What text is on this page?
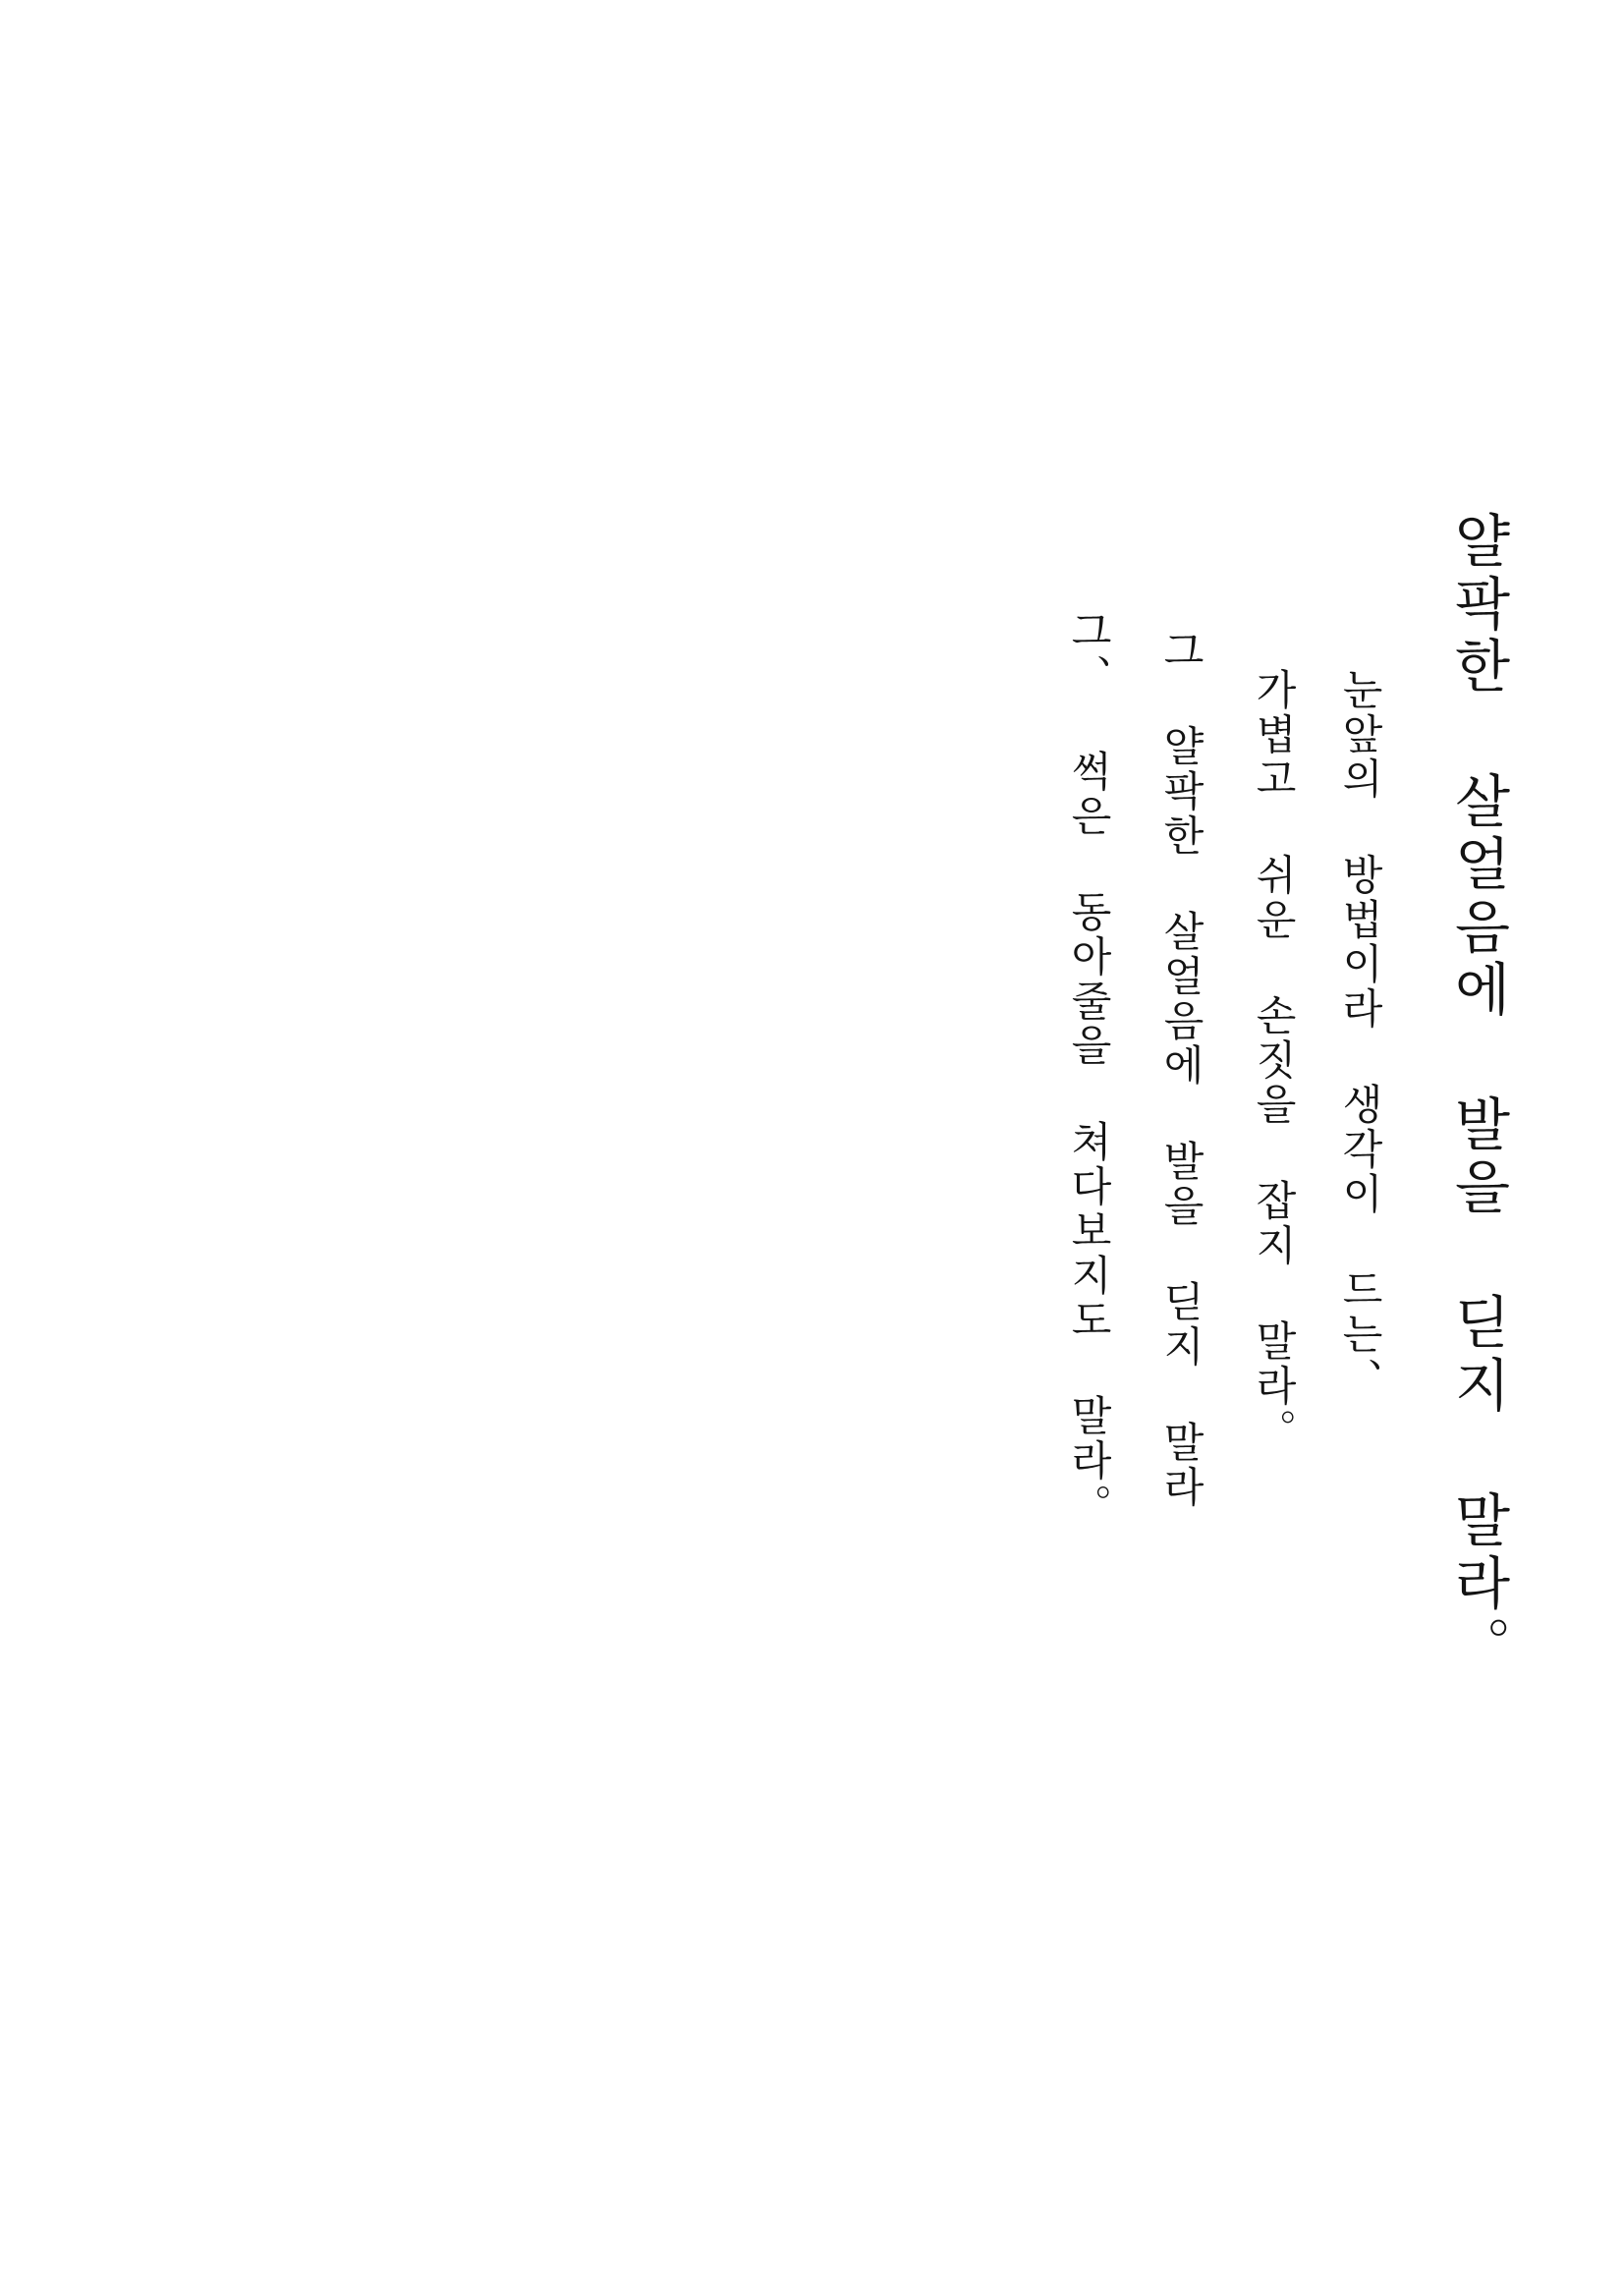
그、 썩은 동아줄을 쳐다보지도 말라。 그 얄팍한 살얼음에 발을 딛지 말라 가볍고 쉬운 손짓을 잡지 말라。 눈앞의 방법이라 생각이 드는、 얄팍한 살얼음에 발을 딛지 말라。
